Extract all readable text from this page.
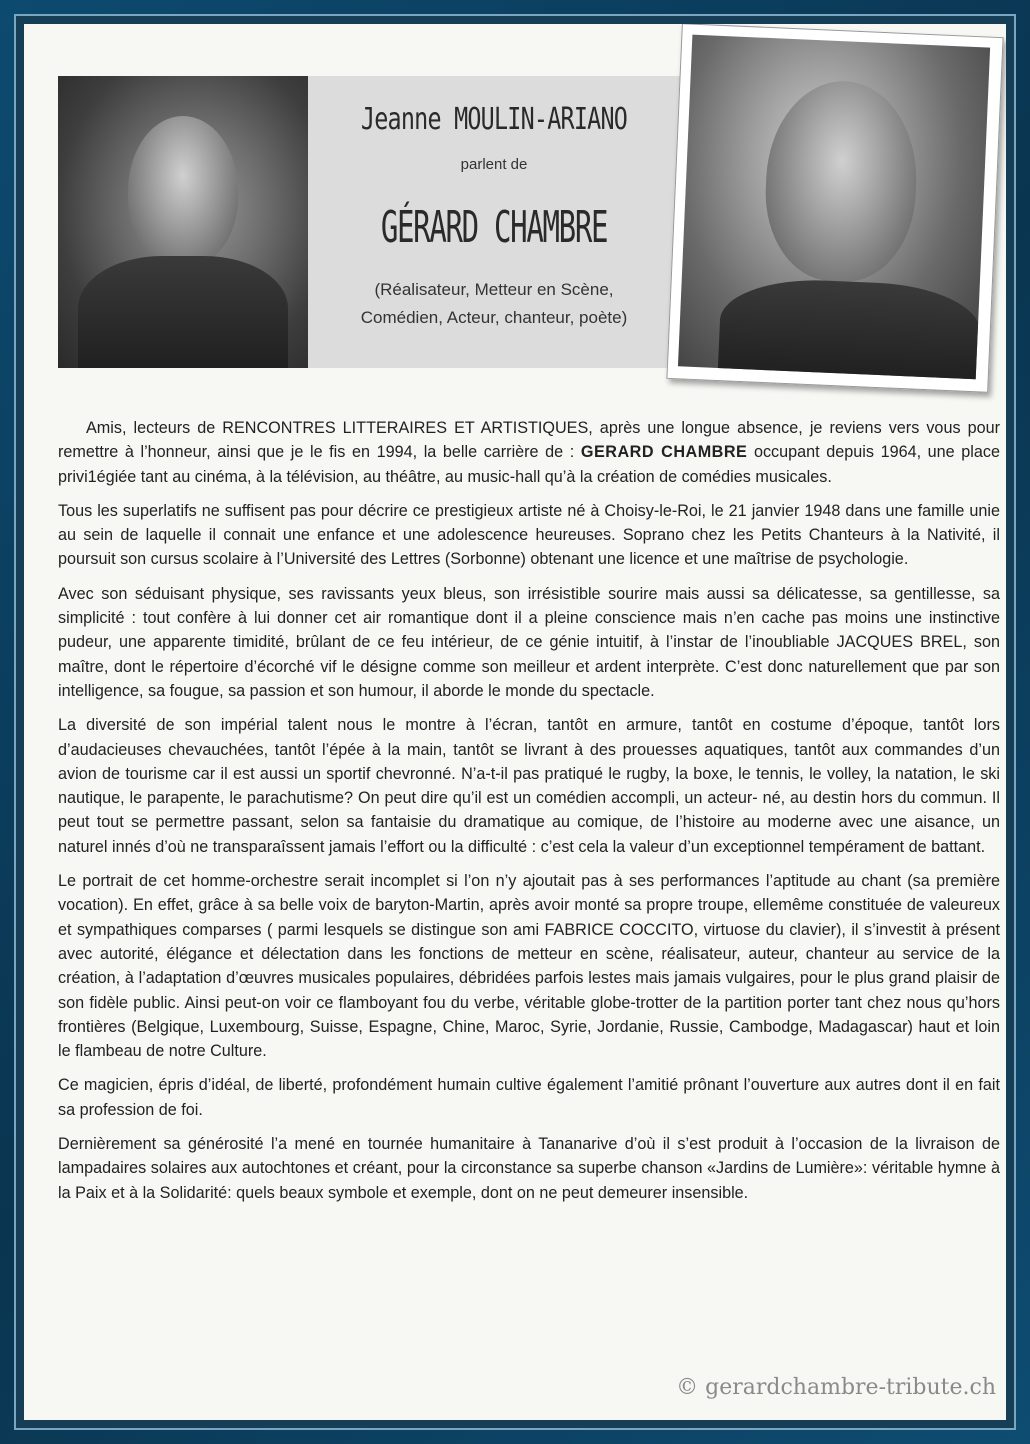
Jeanne MOULIN-ARIANO
parlent de
GÉRARD CHAMBRE
(Réalisateur, Metteur en Scène,
Comédien, Acteur, chanteur, poète)

Amis, lecteurs de RENCONTRES LITTERAIRES ET ARTISTIQUES, après une longue absence, je reviens vers vous pour remettre à l’honneur, ainsi que je le fis en 1994, la belle carrière de : GERARD CHAMBRE occupant depuis 1964, une place privi1égiée tant au cinéma, à la télévision, au théâtre, au music-hall qu’à la création de comédies musicales.

Tous les superlatifs ne suffisent pas pour décrire ce prestigieux artiste né à Choisy-le-Roi, le 21 janvier 1948 dans une famille unie au sein de laquelle il connait une enfance et une adolescence heureuses. Soprano chez les Petits Chanteurs à la Nativité, il poursuit son cursus scolaire à l’Université des Lettres (Sorbonne) obtenant une licence et une maîtrise de psychologie.

Avec son séduisant physique, ses ravissants yeux bleus, son irrésistible sourire mais aussi sa délicatesse, sa gentillesse, sa simplicité : tout confère à lui donner cet air romantique dont il a pleine conscience mais n’en cache pas moins une instinctive pudeur, une apparente timidité, brûlant de ce feu intérieur, de ce génie intuitif, à l’instar de l’inoubliable JACQUES BREL, son maître, dont le répertoire d’écorché vif le désigne comme son meilleur et ardent interprète. C’est donc naturellement que par son intelligence, sa fougue, sa passion et son humour, il aborde le monde du spectacle.

La diversité de son impérial talent nous le montre à l’écran, tantôt en armure, tantôt en costume d’époque, tantôt lors d’audacieuses chevauchées, tantôt l’épée à la main, tantôt se livrant à des prouesses aquatiques, tantôt aux commandes d’un avion de tourisme car il est aussi un sportif chevronné. N’a-t-il pas pratiqué le rugby, la boxe, le tennis, le volley, la natation, le ski nautique, le parapente, le parachutisme? On peut dire qu’il est un comédien accompli, un acteur- né, au destin hors du commun. Il peut tout se permettre passant, selon sa fantaisie du dramatique au comique, de l’histoire au moderne avec une aisance, un naturel innés d’où ne transparaîssent jamais l’effort ou la difficulté : c’est cela la valeur d’un exceptionnel tempérament de battant.

Le portrait de cet homme-orchestre serait incomplet si l’on n’y ajoutait pas à ses performances l’aptitude au chant (sa première vocation). En effet, grâce à sa belle voix de baryton-Martin, après avoir monté sa propre troupe, ellemême constituée de valeureux et sympathiques comparses ( parmi lesquels se distingue son ami FABRICE COCCITO, virtuose du clavier), il s’investit à présent avec autorité, élégance et délectation dans les fonctions de metteur en scène, réalisateur, auteur, chanteur au service de la création, à l’adaptation d’œuvres musicales populaires, débridées parfois lestes mais jamais vulgaires, pour le plus grand plaisir de son fidèle public. Ainsi peut-on voir ce flamboyant fou du verbe, véritable globe-trotter de la partition porter tant chez nous qu’hors frontières (Belgique, Luxembourg, Suisse, Espagne, Chine, Maroc, Syrie, Jordanie, Russie, Cambodge, Madagascar) haut et loin le flambeau de notre Culture.

Ce magicien, épris d’idéal, de liberté, profondément humain cultive également l’amitié prônant l’ouverture aux autres dont il en fait sa profession de foi.

Dernièrement sa générosité l’a mené en tournée humanitaire à Tananarive d’où il s’est produit à l’occasion de la livraison de lampadaires solaires aux autochtones et créant, pour la circonstance sa superbe chanson «Jardins de Lumière»: véritable hymne à la Paix et à la Solidarité: quels beaux symbole et exemple, dont on ne peut demeurer insensible.

© gerardchambre-tribute.ch
